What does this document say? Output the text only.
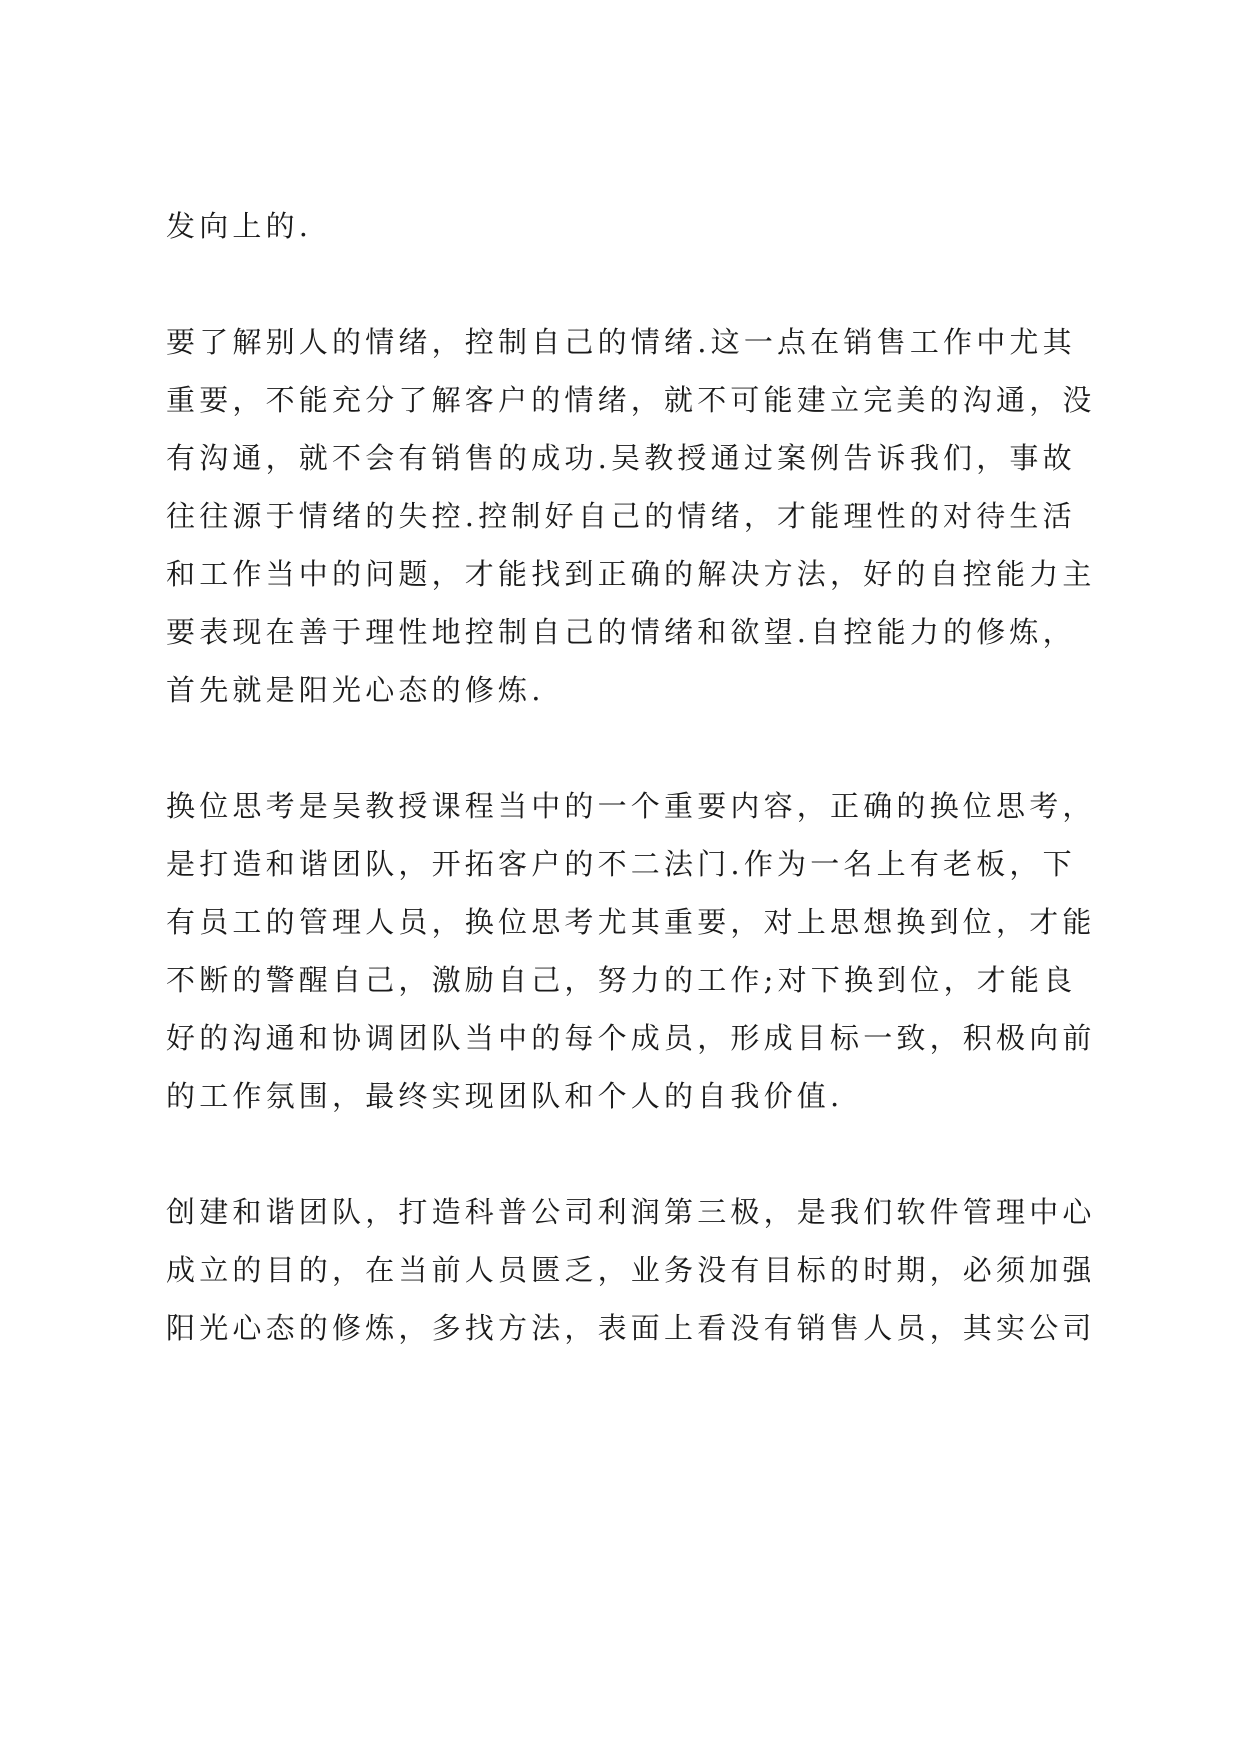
发向上的.
要了解别人的情绪，控制自己的情绪.这一点在销售工作中尤其
重要，不能充分了解客户的情绪，就不可能建立完美的沟通，没
有沟通，就不会有销售的成功.吴教授通过案例告诉我们，事故
往往源于情绪的失控.控制好自己的情绪，才能理性的对待生活
和工作当中的问题，才能找到正确的解决方法，好的自控能力主
要表现在善于理性地控制自己的情绪和欲望.自控能力的修炼，
首先就是阳光心态的修炼.
换位思考是吴教授课程当中的一个重要内容，正确的换位思考，
是打造和谐团队，开拓客户的不二法门.作为一名上有老板，下
有员工的管理人员，换位思考尤其重要，对上思想换到位，才能
不断的警醒自己，激励自己，努力的工作;对下换到位，才能良
好的沟通和协调团队当中的每个成员，形成目标一致，积极向前
的工作氛围，最终实现团队和个人的自我价值.
创建和谐团队，打造科普公司利润第三极，是我们软件管理中心
成立的目的，在当前人员匮乏，业务没有目标的时期，必须加强
阳光心态的修炼，多找方法，表面上看没有销售人员，其实公司
